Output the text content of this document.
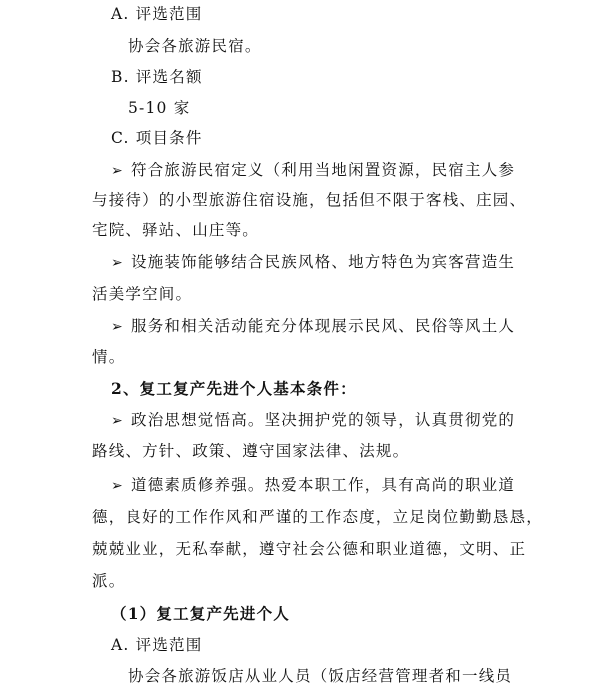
A. 评选范围
协会各旅游民宿。
B. 评选名额
5-10 家
C. 项目条件
➢ 符合旅游民宿定义（利用当地闲置资源，民宿主人参
与接待）的小型旅游住宿设施，包括但不限于客栈、庄园、
宅院、驿站、山庄等。
➢ 设施装饰能够结合民族风格、地方特色为宾客营造生
活美学空间。
➢ 服务和相关活动能充分体现展示民风、民俗等风土人
情。
2、复工复产先进个人基本条件：
➢ 政治思想觉悟高。坚决拥护党的领导，认真贯彻党的
路线、方针、政策、遵守国家法律、法规。
➢ 道德素质修养强。热爱本职工作，具有高尚的职业道
德，良好的工作作风和严谨的工作态度，立足岗位勤勤恳恳，
兢兢业业，无私奉献，遵守社会公德和职业道德，文明、正
派。
（1）复工复产先进个人
A. 评选范围
协会各旅游饭店从业人员（饭店经营管理者和一线员
